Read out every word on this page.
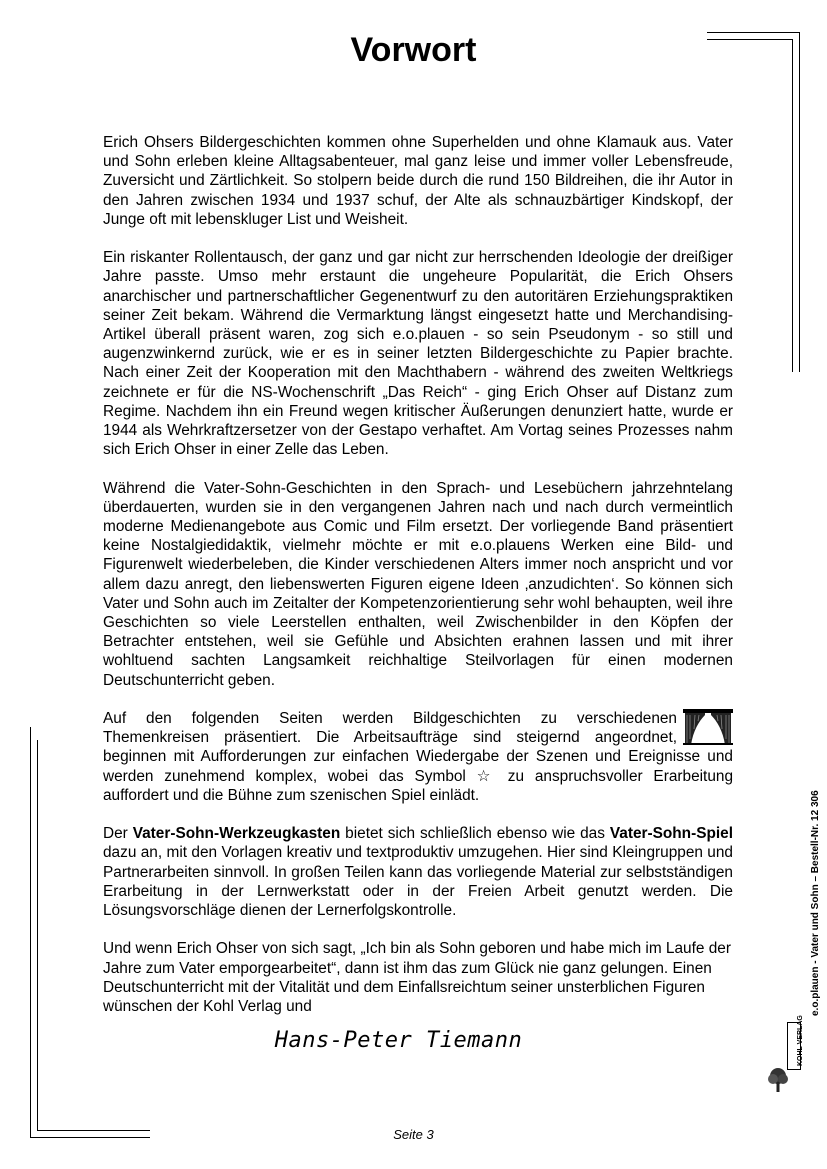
Vorwort

Erich Ohsers Bildergeschichten kommen ohne Superhelden und ohne Klamauk aus. Vater und Sohn erleben kleine Alltagsabenteuer, mal ganz leise und immer voller Lebensfreude, Zuversicht und Zärtlichkeit. So stolpern beide durch die rund 150 Bildreihen, die ihr Autor in den Jahren zwischen 1934 und 1937 schuf, der Alte als schnauzbärtiger Kindskopf, der Junge oft mit lebenskluger List und Weisheit.

Ein riskanter Rollentausch, der ganz und gar nicht zur herrschenden Ideologie der dreißiger Jahre passte. Umso mehr erstaunt die ungeheure Popularität, die Erich Ohsers anarchischer und partnerschaftlicher Gegenentwurf zu den autoritären Erziehungspraktiken seiner Zeit bekam. Während die Vermarktung längst eingesetzt hatte und Merchandising-Artikel überall präsent waren, zog sich e.o.plauen - so sein Pseudonym - so still und augenzwinkernd zurück, wie er es in seiner letzten Bildergeschichte zu Papier brachte. Nach einer Zeit der Kooperation mit den Machthabern - während des zweiten Weltkriegs zeichnete er für die NS-Wochenschrift „Das Reich“ - ging Erich Ohser auf Distanz zum Regime. Nachdem ihn ein Freund wegen kritischer Äußerungen denunziert hatte, wurde er 1944 als Wehrkraftzersetzer von der Gestapo verhaftet. Am Vortag seines Prozesses nahm sich Erich Ohser in einer Zelle das Leben.

Während die Vater-Sohn-Geschichten in den Sprach- und Lesebüchern jahrzehntelang überdauerten, wurden sie in den vergangenen Jahren nach und nach durch vermeintlich moderne Medienangebote aus Comic und Film ersetzt. Der vorliegende Band präsentiert keine Nostalgiedidaktik, vielmehr möchte er mit e.o.plauens Werken eine Bild- und Figurenwelt wiederbeleben, die Kinder verschiedenen Alters immer noch anspricht und vor allem dazu anregt, den liebenswerten Figuren eigene Ideen ‚anzudichten‘. So können sich Vater und Sohn auch im Zeitalter der Kompetenzorientierung sehr wohl behaupten, weil ihre Geschichten so viele Leerstellen enthalten, weil Zwischenbilder in den Köpfen der Betrachter entstehen, weil sie Gefühle und Absichten erahnen lassen und mit ihrer wohltuend sachten Langsamkeit reichhaltige Steilvorlagen für einen modernen Deutschunterricht geben.

Auf den folgenden Seiten werden Bildgeschichten zu verschiedenen Themenkreisen präsentiert. Die Arbeitsaufträge sind steigernd angeordnet, beginnen mit Aufforderungen zur einfachen Wiedergabe der Szenen und Ereignisse und werden zunehmend komplex, wobei das Symbol ☆ zu anspruchsvoller Erarbeitung auffordert und die Bühne zum szenischen Spiel einlädt.

Der Vater-Sohn-Werkzeugkasten bietet sich schließlich ebenso wie das Vater-Sohn-Spiel dazu an, mit den Vorlagen kreativ und textproduktiv umzugehen. Hier sind Kleingruppen und Partnerarbeiten sinnvoll. In großen Teilen kann das vorliegende Material zur selbstständigen Erarbeitung in der Lernwerkstatt oder in der Freien Arbeit genutzt werden. Die Lösungsvorschläge dienen der Lernerfolgskontrolle.

Und wenn Erich Ohser von sich sagt, „Ich bin als Sohn geboren und habe mich im Laufe der Jahre zum Vater emporgearbeitet“, dann ist ihm das zum Glück nie ganz gelungen. Einen Deutschunterricht mit der Vitalität und dem Einfallsreichtum seiner unsterblichen Figuren wünschen der Kohl Verlag und

Hans-Peter Tiemann
e.o.plauen - Vater und Sohn – Bestell-Nr. 12 306
KOHL VERLAG
Seite 3
